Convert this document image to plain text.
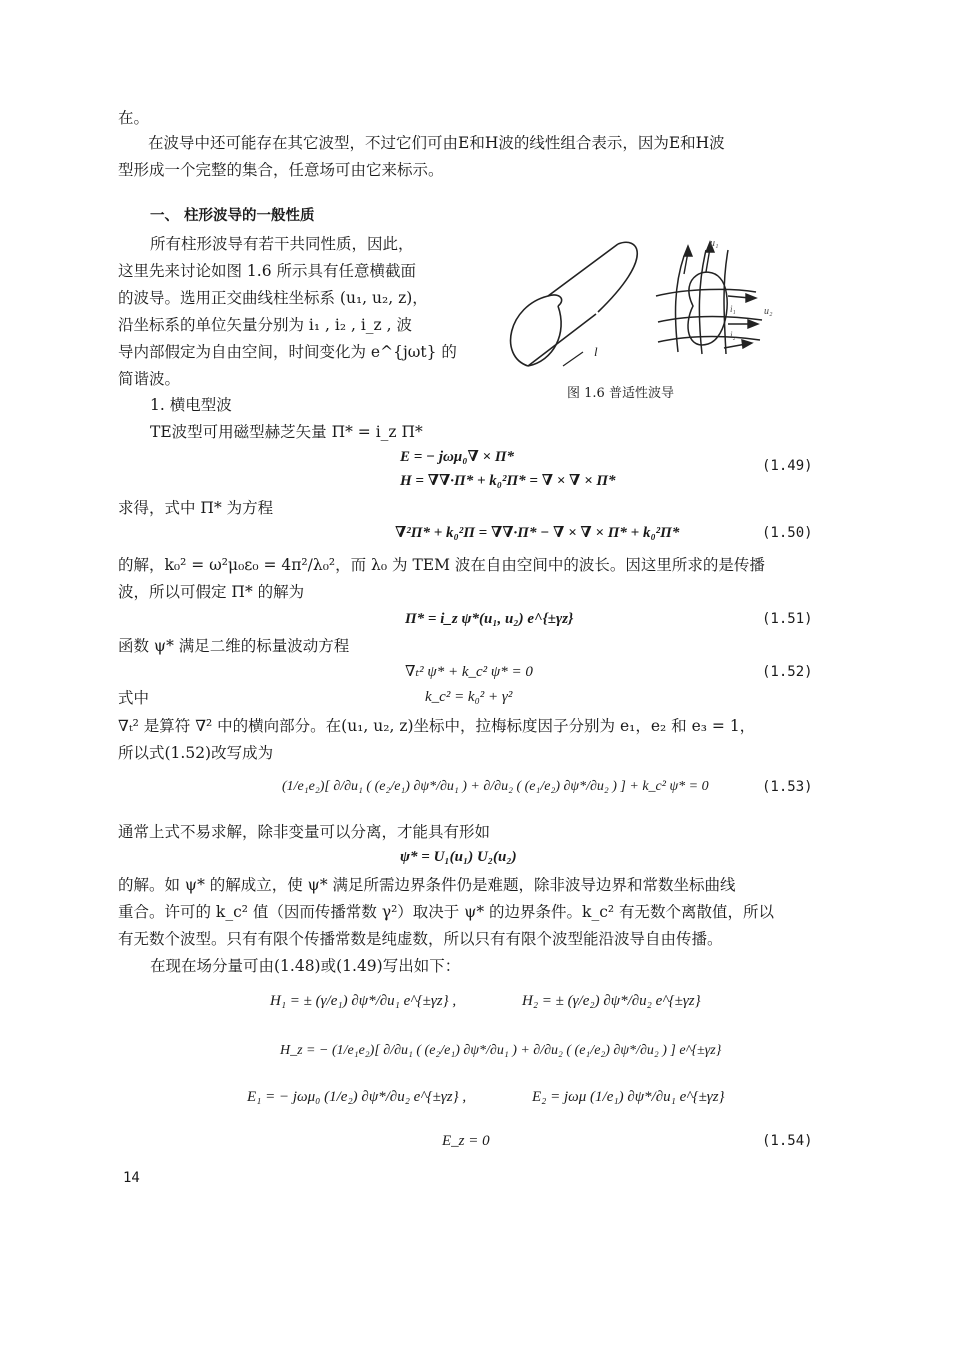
在。
在波导中还可能存在其它波型，不过它们可由E和H波的线性组合表示，因为E和H波
型形成一个完整的集合，任意场可由它来标示。
一、 柱形波导的一般性质
所有柱形波导有若干共同性质，因此，
这里先来讨论如图 1.6 所示具有任意横截面
的波导。选用正交曲线柱坐标系 (u₁, u₂, z)，
沿坐标系的单位矢量分别为 i₁ , i₂ , i_z , 波
导内部假定为自由空间，时间变化为 e^{jωt} 的
简谐波。
1. 横电型波
TE波型可用磁型赫芝矢量 Π* = i_z Π*
l
u₁
u₂
i₁
i₂
图 1.6 普适性波导
E = − jωμ₀∇ × Π*
H = ∇∇·Π* + k₀²Π* = ∇ × ∇ × Π*
(1.49)
求得，式中 Π* 为方程
∇²Π* + k₀²Π = ∇∇·Π* − ∇ × ∇ × Π* + k₀²Π*	(1.50)
的解，k₀² = ω²μ₀ε₀ = 4π²/λ₀²，而 λ₀ 为 TEM 波在自由空间中的波长。因这里所求的是传播
波，所以可假定 Π* 的解为
Π* = i_z ψ*(u₁, u₂) e^{±γz}	(1.51)
函数 ψ* 满足二维的标量波动方程
∇ₜ² ψ* + k_c² ψ* = 0	(1.52)
式中	k_c² = k₀² + γ²
∇ₜ² 是算符 ∇² 中的横向部分。在(u₁, u₂, z)坐标中，拉梅标度因子分别为 e₁，e₂ 和 e₃ = 1，
所以式(1.52)改写成为
(1/e₁e₂)[ ∂/∂u₁ ( (e₂/e₁) ∂ψ*/∂u₁ ) + ∂/∂u₂ ( (e₁/e₂) ∂ψ*/∂u₂ ) ] + k_c² ψ* = 0	(1.53)
通常上式不易求解，除非变量可以分离，才能具有形如
ψ* = U₁(u₁) U₂(u₂)
的解。如 ψ* 的解成立，使 ψ* 满足所需边界条件仍是难题，除非波导边界和常数坐标曲线
重合。许可的 k_c² 值（因而传播常数 γ²）取决于 ψ* 的边界条件。k_c² 有无数个离散值，所以
有无数个波型。只有有限个传播常数是纯虚数，所以只有有限个波型能沿波导自由传播。
在现在场分量可由(1.48)或(1.49)写出如下：
H₁ = ± (γ/e₁) ∂ψ*/∂u₁ e^{±γz} ,	H₂ = ± (γ/e₂) ∂ψ*/∂u₂ e^{±γz}
H_z = − (1/e₁e₂)[ ∂/∂u₁ ( (e₂/e₁) ∂ψ*/∂u₁ ) + ∂/∂u₂ ( (e₁/e₂) ∂ψ*/∂u₂ ) ] e^{±γz}
E₁ = − jωμ₀ (1/e₂) ∂ψ*/∂u₂ e^{±γz} ,	E₂ = jωμ (1/e₁) ∂ψ*/∂u₁ e^{±γz}
E_z = 0	(1.54)
14
